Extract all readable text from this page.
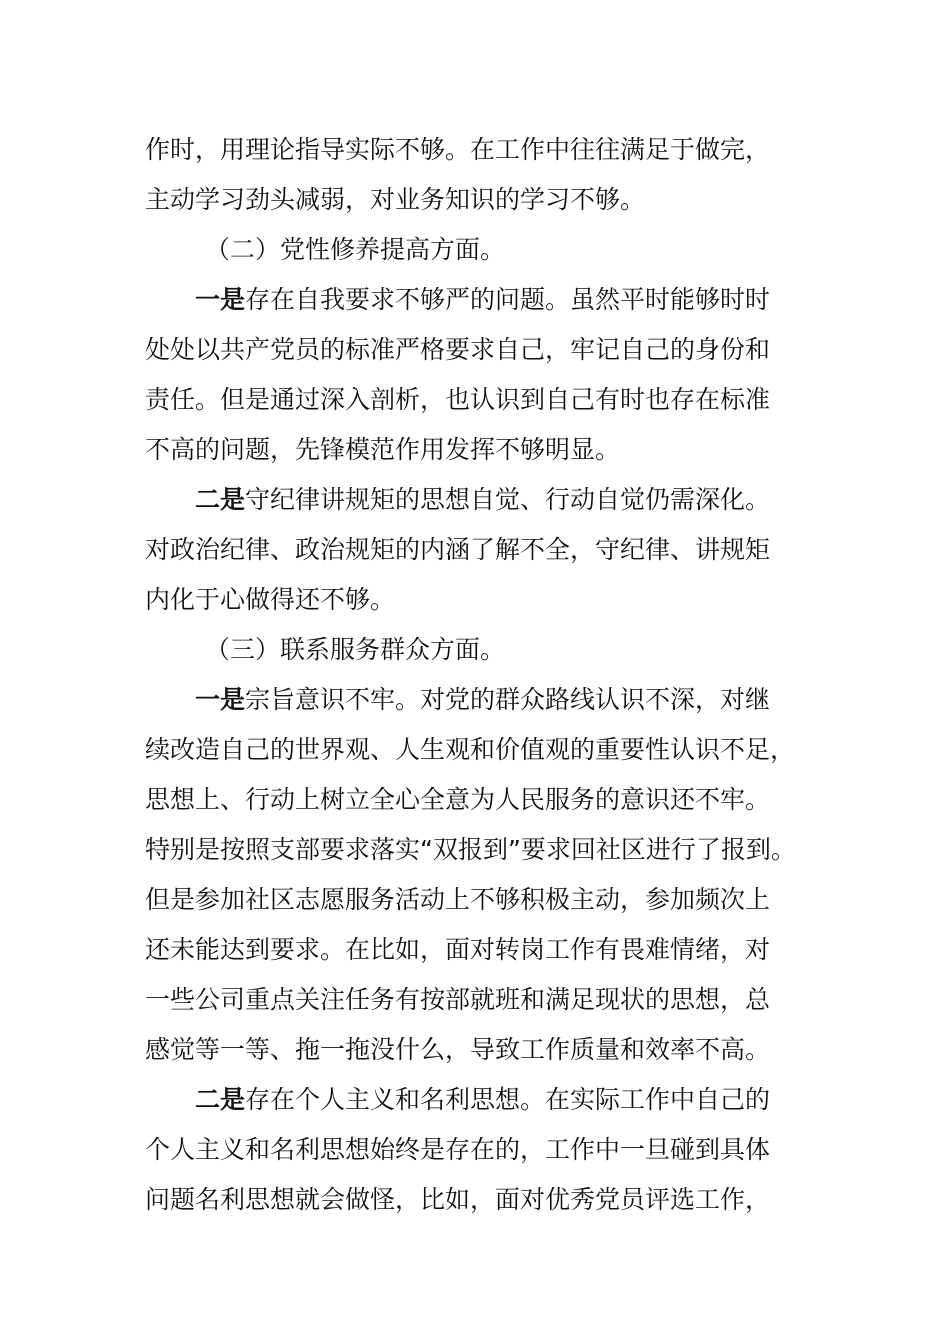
作时，用理论指导实际不够。在工作中往往满足于做完，

主动学习劲头减弱，对业务知识的学习不够。

（二）党性修养提高方面。

一是存在自我要求不够严的问题。虽然平时能够时时

处处以共产党员的标准严格要求自己，牢记自己的身份和

责任。但是通过深入剖析，也认识到自己有时也存在标准

不高的问题，先锋模范作用发挥不够明显。

二是守纪律讲规矩的思想自觉、行动自觉仍需深化。

对政治纪律、政治规矩的内涵了解不全，守纪律、讲规矩

内化于心做得还不够。

（三）联系服务群众方面。

一是宗旨意识不牢。对党的群众路线认识不深，对继

续改造自己的世界观、人生观和价值观的重要性认识不足，

思想上、行动上树立全心全意为人民服务的意识还不牢。

特别是按照支部要求落实“双报到”要求回社区进行了报到。

但是参加社区志愿服务活动上不够积极主动，参加频次上

还未能达到要求。在比如，面对转岗工作有畏难情绪，对

一些公司重点关注任务有按部就班和满足现状的思想，总

感觉等一等、拖一拖没什么，导致工作质量和效率不高。

二是存在个人主义和名利思想。在实际工作中自己的

个人主义和名利思想始终是存在的，工作中一旦碰到具体

问题名利思想就会做怪，比如，面对优秀党员评选工作，
